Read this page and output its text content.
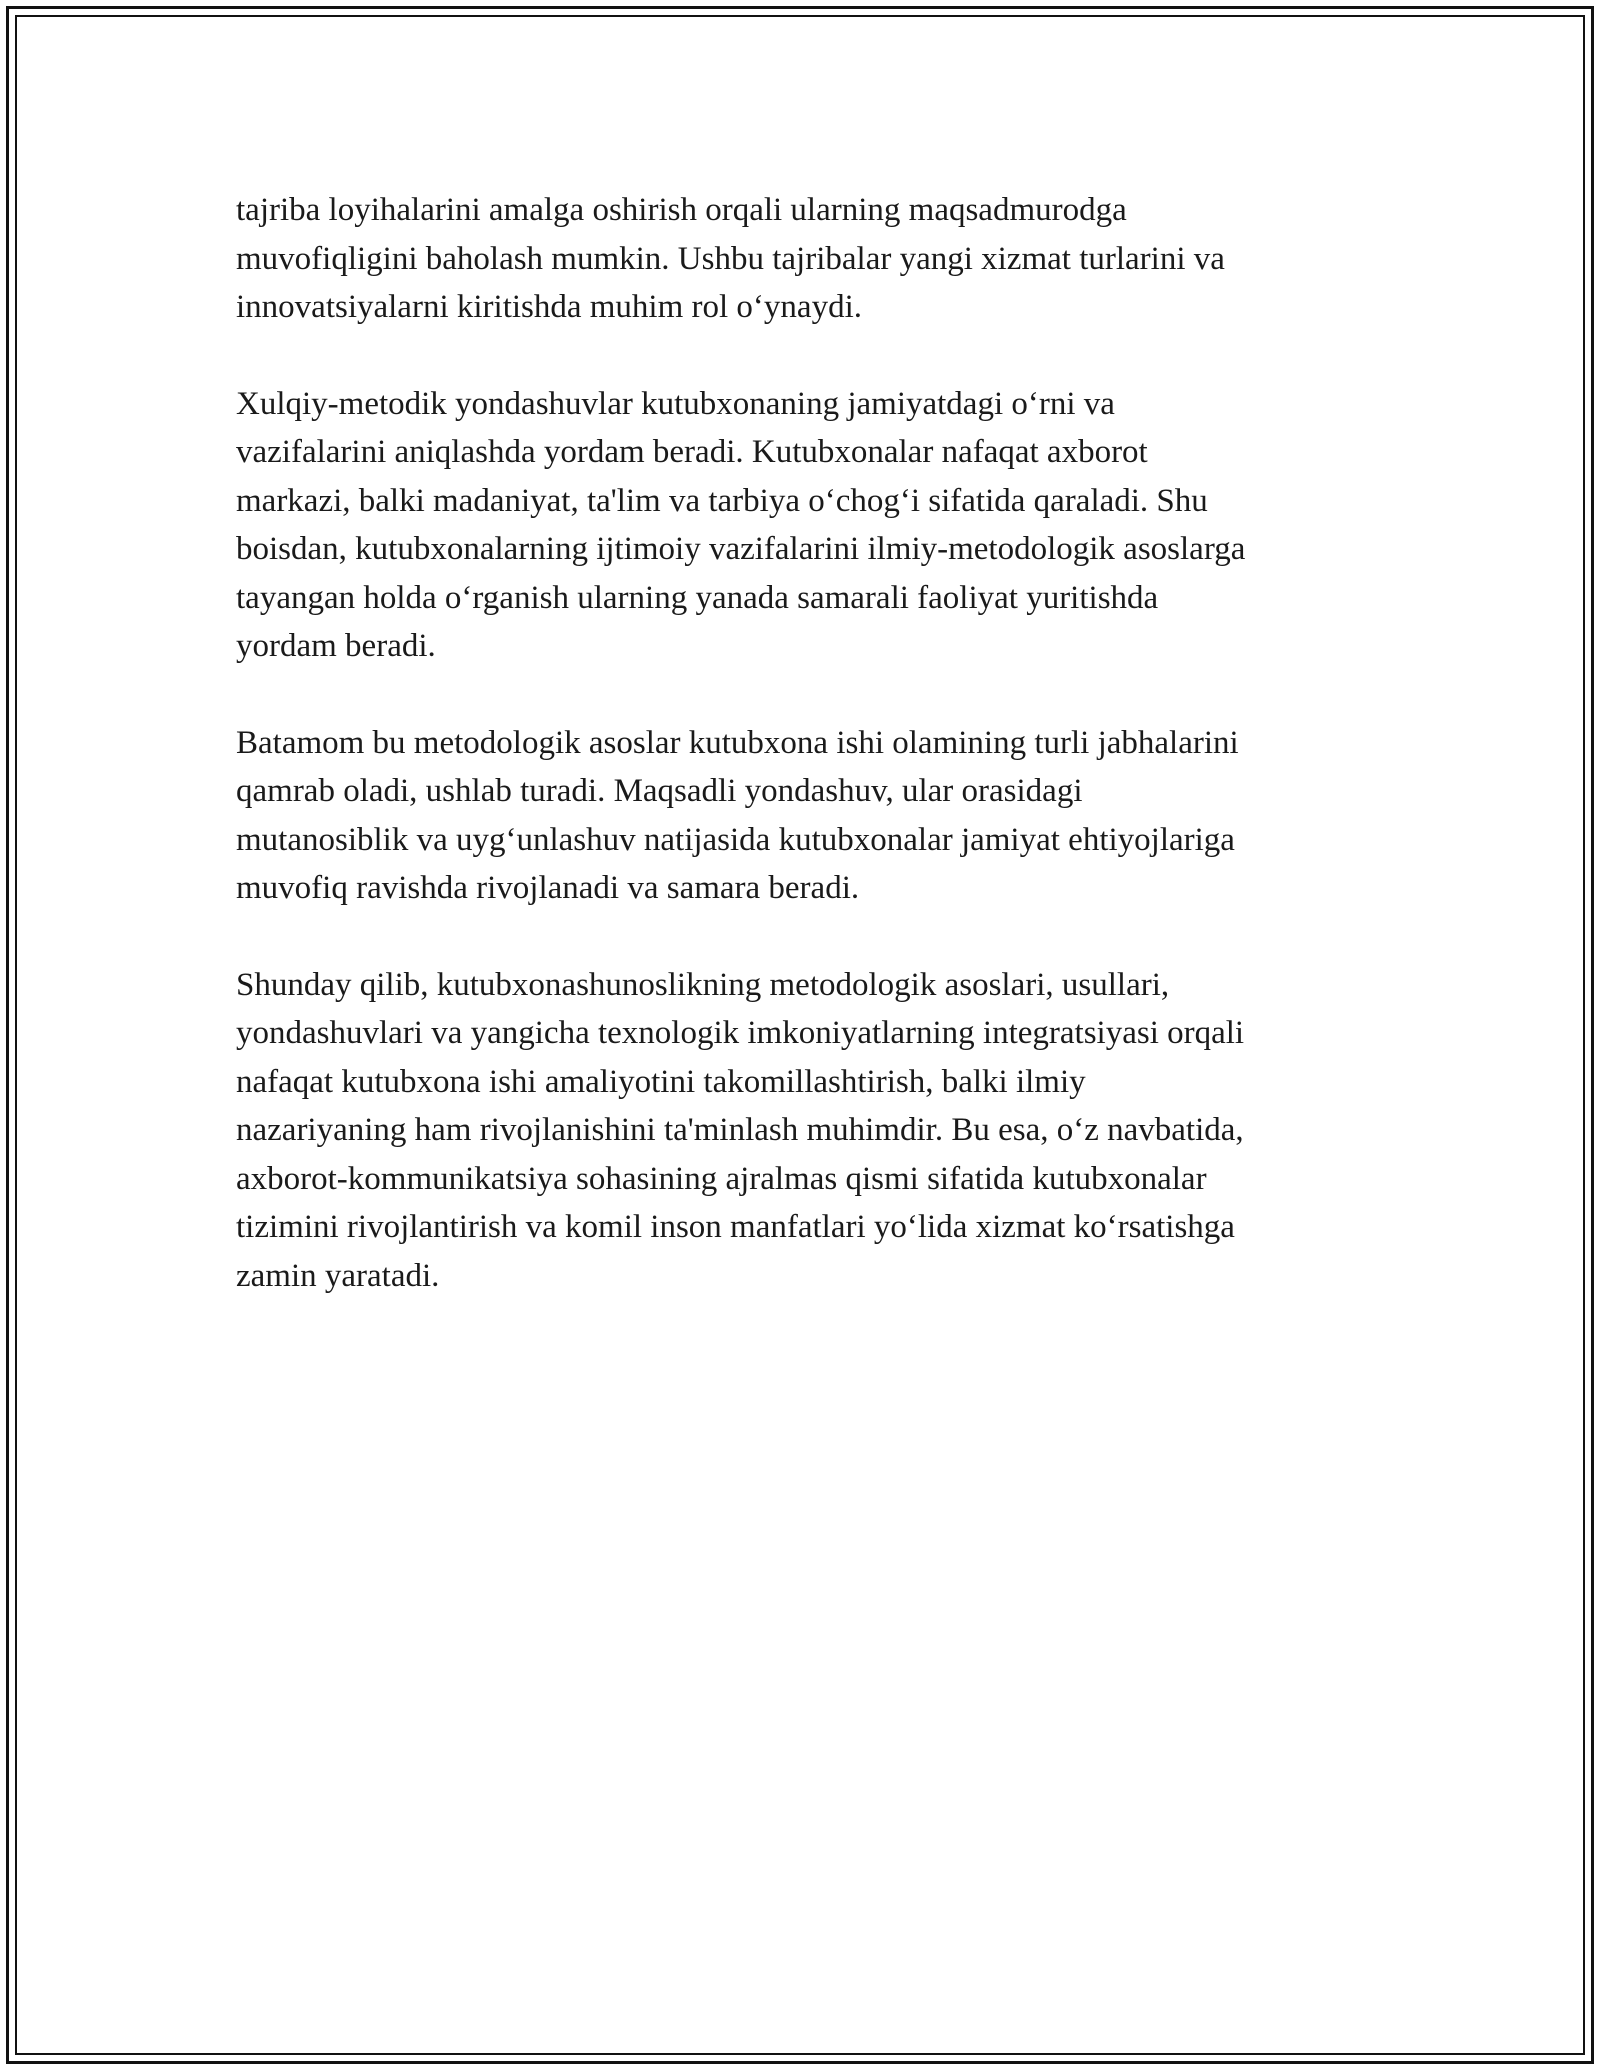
tajriba loyihalarini amalga oshirish orqali ularning maqsadmurodga
muvofiqligini baholash mumkin. Ushbu tajribalar yangi xizmat turlarini va
innovatsiyalarni kiritishda muhim rol o‘ynaydi.

Xulqiy-metodik yondashuvlar kutubxonaning jamiyatdagi o‘rni va
vazifalarini aniqlashda yordam beradi. Kutubxonalar nafaqat axborot
markazi, balki madaniyat, ta'lim va tarbiya o‘chog‘i sifatida qaraladi. Shu
boisdan, kutubxonalarning ijtimoiy vazifalarini ilmiy-metodologik asoslarga
tayangan holda o‘rganish ularning yanada samarali faoliyat yuritishda
yordam beradi.

Batamom bu metodologik asoslar kutubxona ishi olamining turli jabhalarini
qamrab oladi, ushlab turadi. Maqsadli yondashuv, ular orasidagi
mutanosiblik va uyg‘unlashuv natijasida kutubxonalar jamiyat ehtiyojlariga
muvofiq ravishda rivojlanadi va samara beradi.

Shunday qilib, kutubxonashunoslikning metodologik asoslari, usullari,
yondashuvlari va yangicha texnologik imkoniyatlarning integratsiyasi orqali
nafaqat kutubxona ishi amaliyotini takomillashtirish, balki ilmiy
nazariyaning ham rivojlanishini ta'minlash muhimdir. Bu esa, o‘z navbatida,
axborot-kommunikatsiya sohasining ajralmas qismi sifatida kutubxonalar
tizimini rivojlantirish va komil inson manfatlari yo‘lida xizmat ko‘rsatishga
zamin yaratadi.
